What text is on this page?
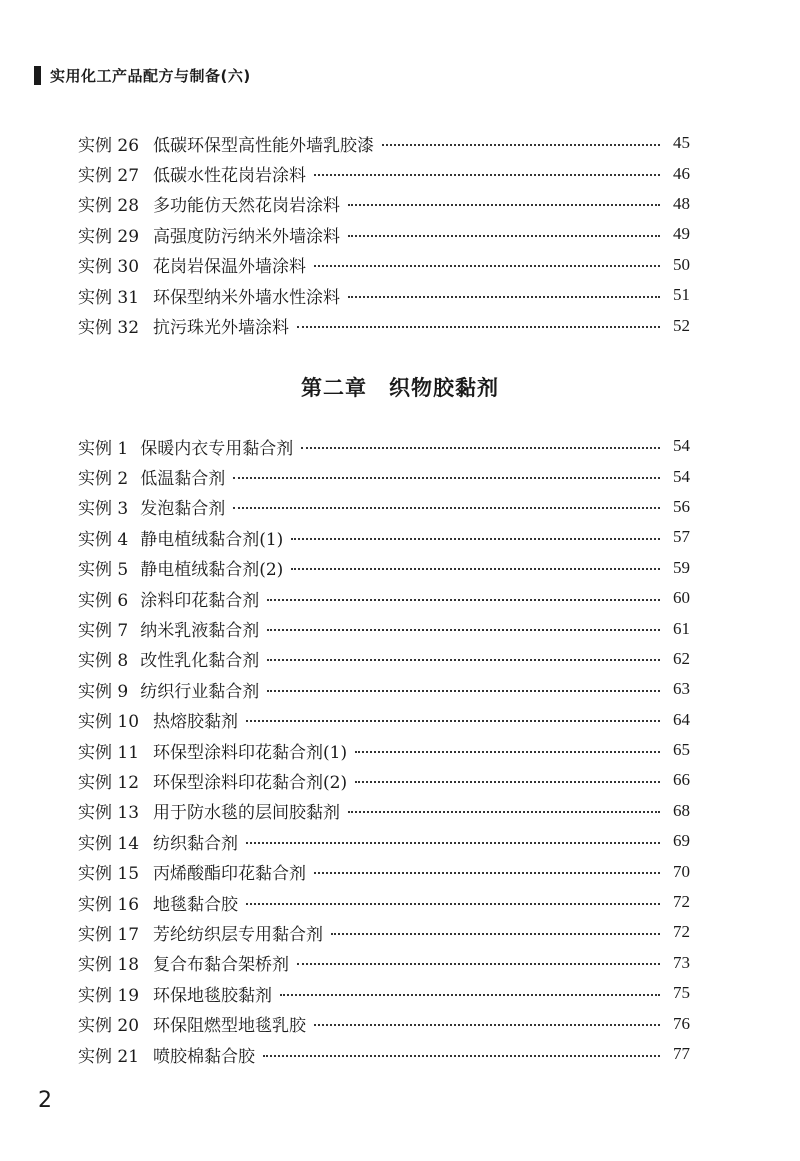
实用化工产品配方与制备(六)
实例 26 低碳环保型高性能外墙乳胶漆	45
实例 27 低碳水性花岗岩涂料	46
实例 28 多功能仿天然花岗岩涂料	48
实例 29 高强度防污纳米外墙涂料	49
实例 30 花岗岩保温外墙涂料	50
实例 31 环保型纳米外墙水性涂料	51
实例 32 抗污珠光外墙涂料	52
第二章　织物胶黏剂
实例 1 保暖内衣专用黏合剂	54
实例 2 低温黏合剂	54
实例 3 发泡黏合剂	56
实例 4 静电植绒黏合剂(1)	57
实例 5 静电植绒黏合剂(2)	59
实例 6 涂料印花黏合剂	60
实例 7 纳米乳液黏合剂	61
实例 8 改性乳化黏合剂	62
实例 9 纺织行业黏合剂	63
实例 10 热熔胶黏剂	64
实例 11 环保型涂料印花黏合剂(1)	65
实例 12 环保型涂料印花黏合剂(2)	66
实例 13 用于防水毯的层间胶黏剂	68
实例 14 纺织黏合剂	69
实例 15 丙烯酸酯印花黏合剂	70
实例 16 地毯黏合胶	72
实例 17 芳纶纺织层专用黏合剂	72
实例 18 复合布黏合架桥剂	73
实例 19 环保地毯胶黏剂	75
实例 20 环保阻燃型地毯乳胶	76
实例 21 喷胶棉黏合胶	77
2
